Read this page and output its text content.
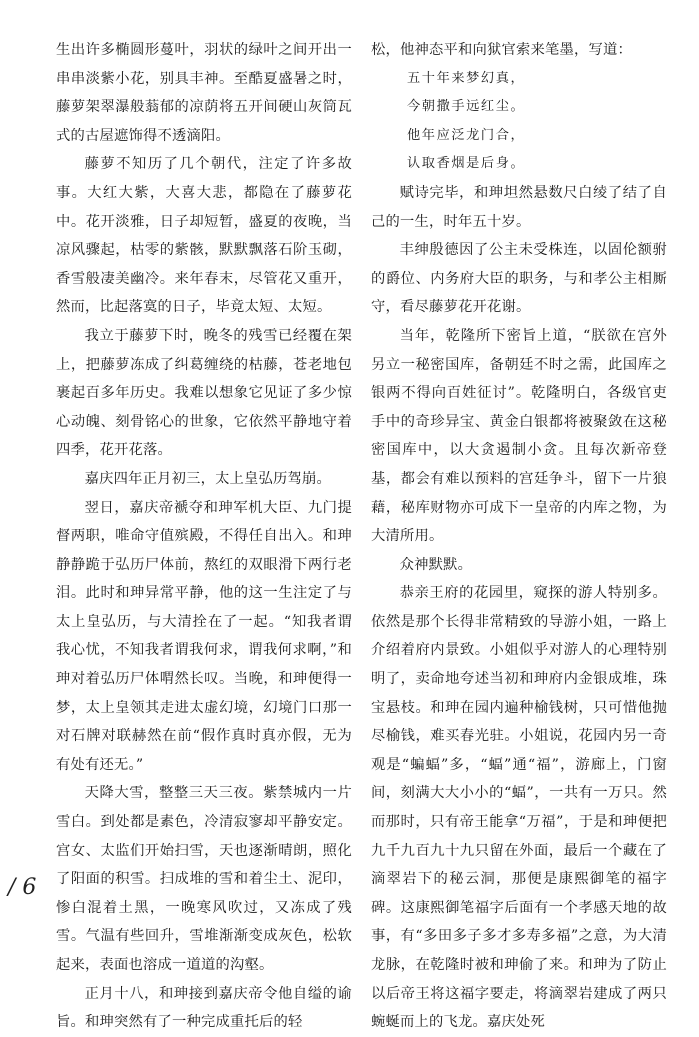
生出许多椭圆形蔓叶，羽状的绿叶之间开出一串串淡紫小花，别具丰神。至酷夏盛暑之时，藤萝架翠瀑般蓊郁的凉荫将五开间硬山灰筒瓦式的古屋遮饰得不透滴阳。

藤萝不知历了几个朝代，注定了许多故事。大红大紫，大喜大悲，都隐在了藤萝花中。花开淡雅，日子却短暂，盛夏的夜晚，当凉风骤起，枯零的紫骸，默默飘落石阶玉砌，香雪般凄美幽冷。来年春末，尽管花又重开，然而，比起落寞的日子，毕竟太短、太短。

我立于藤萝下时，晚冬的残雪已经覆在架上，把藤萝冻成了纠葛缠绕的枯藤，苍老地包裹起百多年历史。我难以想象它见证了多少惊心动魄、刻骨铭心的世象，它依然平静地守着四季，花开花落。

嘉庆四年正月初三，太上皇弘历驾崩。

翌日，嘉庆帝褫夺和珅军机大臣、九门提督两职，唯命守值殡殿，不得任自出入。和珅静静跪于弘历尸体前，熬红的双眼滑下两行老泪。此时和珅异常平静，他的这一生注定了与太上皇弘历，与大清拴在了一起。“知我者谓我心忧，不知我者谓我何求，谓我何求啊，”和珅对着弘历尸体喟然长叹。当晚，和珅便得一梦，太上皇领其走进太虚幻境，幻境门口那一对石牌对联赫然在前“假作真时真亦假，无为有处有还无。”

天降大雪，整整三天三夜。紫禁城内一片雪白。到处都是素色，冷清寂寥却平静安定。宫女、太监们开始扫雪，天也逐渐晴朗，照化了阳面的积雪。扫成堆的雪和着尘土、泥印，惨白混着土黑，一晚寒风吹过，又冻成了残雪。气温有些回升，雪堆渐渐变成灰色，松软起来，表面也溶成一道道的沟壑。

正月十八，和珅接到嘉庆帝令他自缢的谕旨。和珅突然有了一种完成重托后的轻

松，他神态平和向狱官索来笔墨，写道：

五十年来梦幻真，
今朝撒手远红尘。
他年应泛龙门合，
认取香烟是后身。

赋诗完毕，和珅坦然悬数尺白绫了结了自己的一生，时年五十岁。

丰绅殷德因了公主未受株连，以固伦额驸的爵位、内务府大臣的职务，与和孝公主相厮守，看尽藤萝花开花谢。

当年，乾隆所下密旨上道，“朕欲在宫外另立一秘密国库，备朝廷不时之需，此国库之银两不得向百姓征讨”。乾隆明白，各级官吏手中的奇珍异宝、黄金白银都将被聚敛在这秘密国库中，以大贪遏制小贪。且每次新帝登基，都会有难以预料的宫廷争斗，留下一片狼藉，秘库财物亦可成下一皇帝的内库之物，为大清所用。

众神默默。

恭亲王府的花园里，窥探的游人特别多。依然是那个长得非常精致的导游小姐，一路上介绍着府内景致。小姐似乎对游人的心理特别明了，卖命地夸述当初和珅府内金银成堆，珠宝悬枝。和珅在园内遍种榆钱树，只可惜他抛尽榆钱，难买春光驻。小姐说，花园内另一奇观是“蝙蝠”多，“蝠”通“福”，游廊上，门窗间，刻满大大小小的“蝠”，一共有一万只。然而那时，只有帝王能拿“万福”，于是和珅便把九千九百九十九只留在外面，最后一个藏在了滴翠岩下的秘云洞，那便是康熙御笔的福字碑。这康熙御笔福字后面有一个孝感天地的故事，有“多田多子多才多寿多福”之意，为大清龙脉，在乾隆时被和珅偷了来。和珅为了防止以后帝王将这福字要走，将滴翠岩建成了两只蜿蜒而上的飞龙。嘉庆处死

/ 6
